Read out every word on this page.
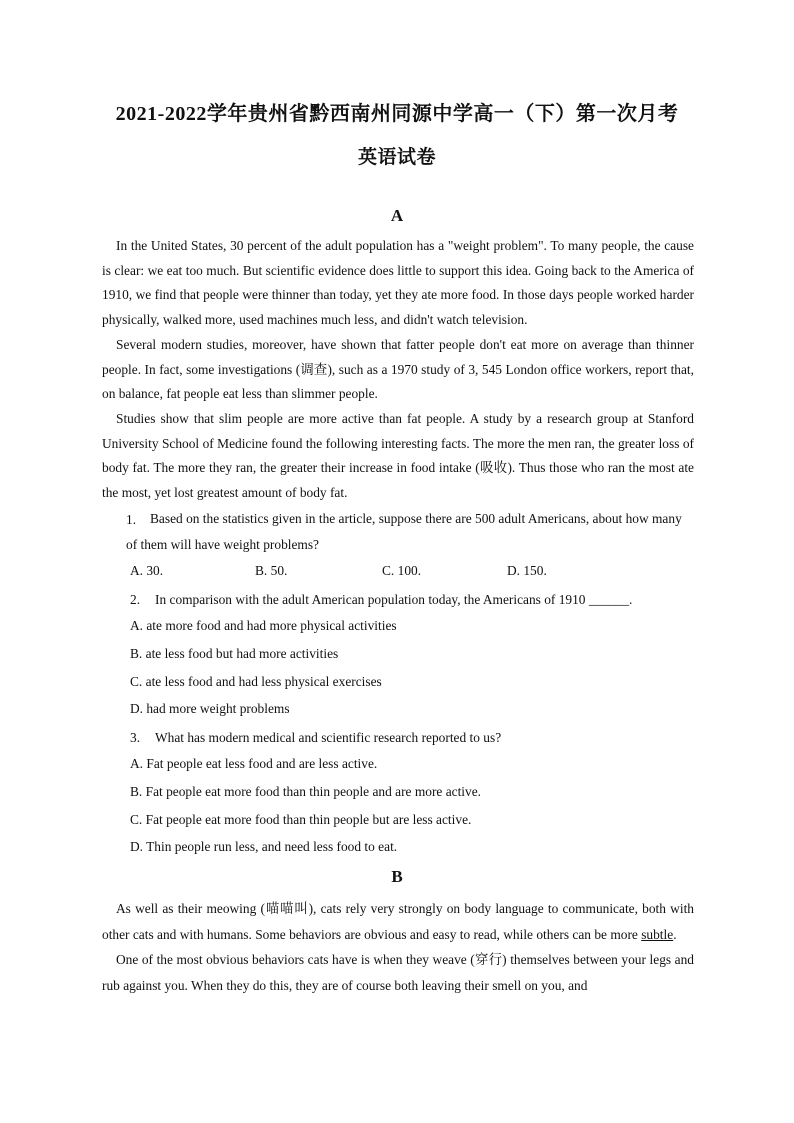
2021-2022学年贵州省黔西南州同源中学高一（下）第一次月考
英语试卷
A

In the United States, 30 percent of the adult population has a "weight problem". To many people, the cause is clear: we eat too much. But scientific evidence does little to support this idea. Going back to the America of 1910, we find that people were thinner than today, yet they ate more food. In those days people worked harder physically, walked more, used machines much less, and didn't watch television.

Several modern studies, moreover, have shown that fatter people don't eat more on average than thinner people. In fact, some investigations (调查), such as a 1970 study of 3, 545 London office workers, report that, on balance, fat people eat less than slimmer people.

Studies show that slim people are more active than fat people. A study by a research group at Stanford University School of Medicine found the following interesting facts. The more the men ran, the greater loss of body fat. The more they ran, the greater their increase in food intake (吸收). Thus those who ran the most ate the most, yet lost greatest amount of body fat.

1.	Based on the statistics given in the article, suppose there are 500 adult Americans, about how many of them will have weight problems?
A. 30.	B. 50.	C. 100.	D. 150.
2. In comparison with the adult American population today, the Americans of 1910 ______.
A. ate more food and had more physical activities
B. ate less food but had more activities
C. ate less food and had less physical exercises
D. had more weight problems
3. What has modern medical and scientific research reported to us?
A. Fat people eat less food and are less active.
B. Fat people eat more food than thin people and are more active.
C. Fat people eat more food than thin people but are less active.
D. Thin people run less, and need less food to eat.
B

As well as their meowing (喵喵叫), cats rely very strongly on body language to communicate, both with other cats and with humans. Some behaviors are obvious and easy to read, while others can be more subtle.

One of the most obvious behaviors cats have is when they weave (穿行) themselves between your legs and rub against you. When they do this, they are of course both leaving their smell on you, and
